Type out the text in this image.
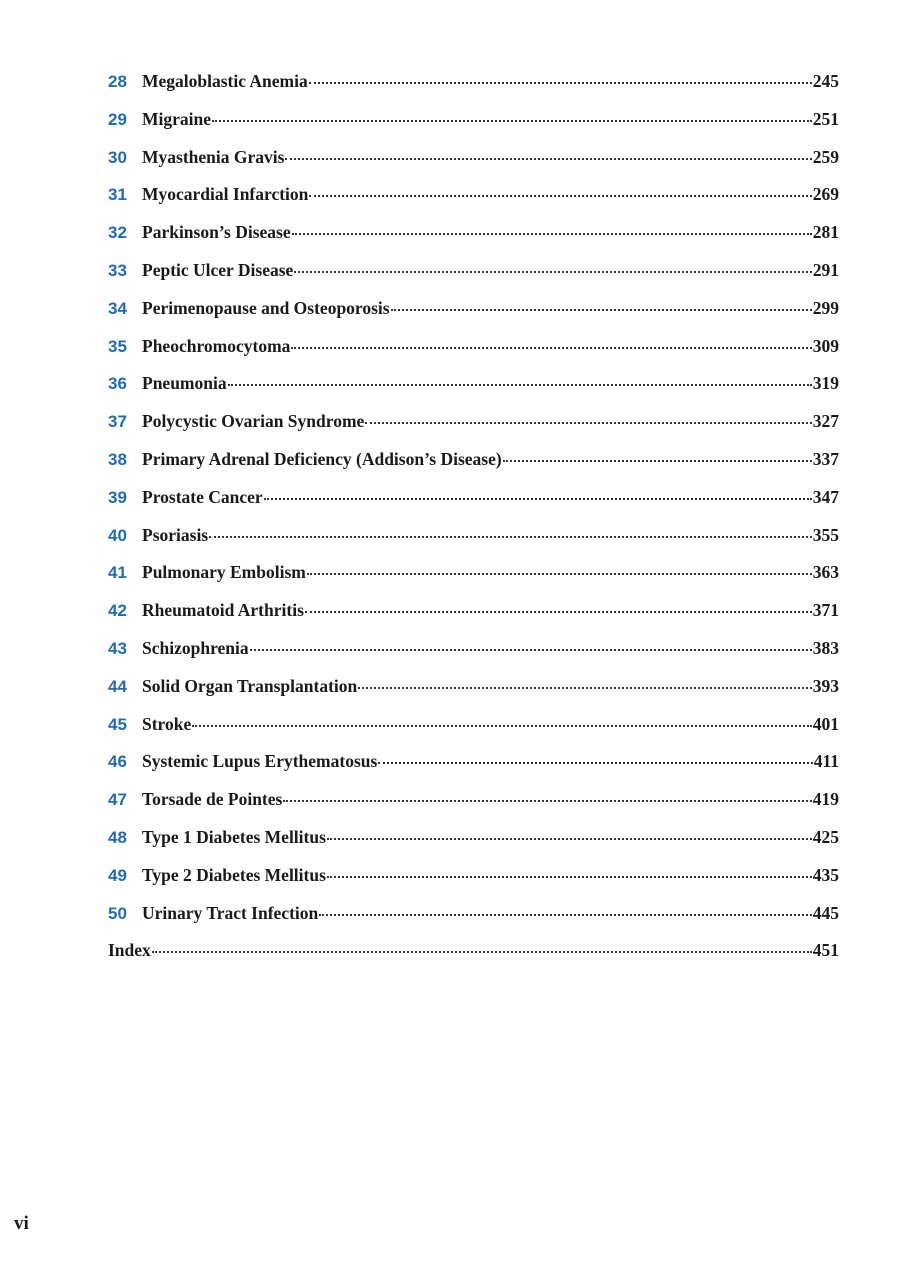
28 Megaloblastic Anemia	245
29 Migraine	251
30 Myasthenia Gravis	259
31 Myocardial Infarction	269
32 Parkinson’s Disease	281
33 Peptic Ulcer Disease	291
34 Perimenopause and Osteoporosis	299
35 Pheochromocytoma	309
36 Pneumonia	319
37 Polycystic Ovarian Syndrome	327
38 Primary Adrenal Deficiency (Addison’s Disease)	337
39 Prostate Cancer	347
40 Psoriasis	355
41 Pulmonary Embolism	363
42 Rheumatoid Arthritis	371
43 Schizophrenia	383
44 Solid Organ Transplantation	393
45 Stroke	401
46 Systemic Lupus Erythematosus	411
47 Torsade de Pointes	419
48 Type 1 Diabetes Mellitus	425
49 Type 2 Diabetes Mellitus	435
50 Urinary Tract Infection	445
Index	451
vi
